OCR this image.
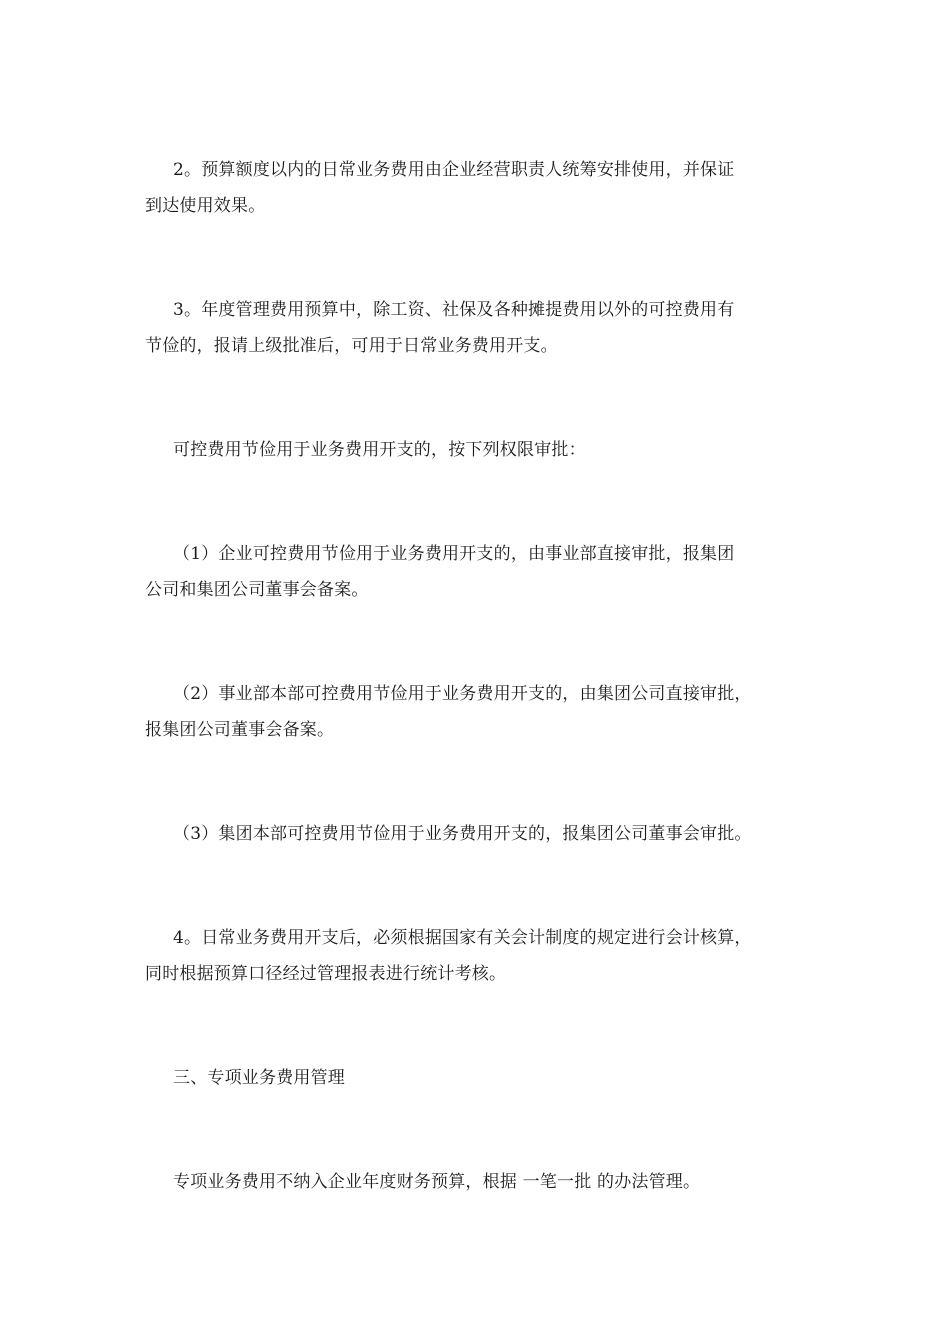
2。预算额度以内的日常业务费用由企业经营职责人统筹安排使用，并保证
到达使用效果。
3。年度管理费用预算中，除工资、社保及各种摊提费用以外的可控费用有
节俭的，报请上级批准后，可用于日常业务费用开支。
可控费用节俭用于业务费用开支的，按下列权限审批：
（1）企业可控费用节俭用于业务费用开支的，由事业部直接审批，报集团
公司和集团公司董事会备案。
（2）事业部本部可控费用节俭用于业务费用开支的，由集团公司直接审批，
报集团公司董事会备案。
（3）集团本部可控费用节俭用于业务费用开支的，报集团公司董事会审批。
4。日常业务费用开支后，必须根据国家有关会计制度的规定进行会计核算，
同时根据预算口径经过管理报表进行统计考核。
三、专项业务费用管理
专项业务费用不纳入企业年度财务预算，根据 一笔一批 的办法管理。
